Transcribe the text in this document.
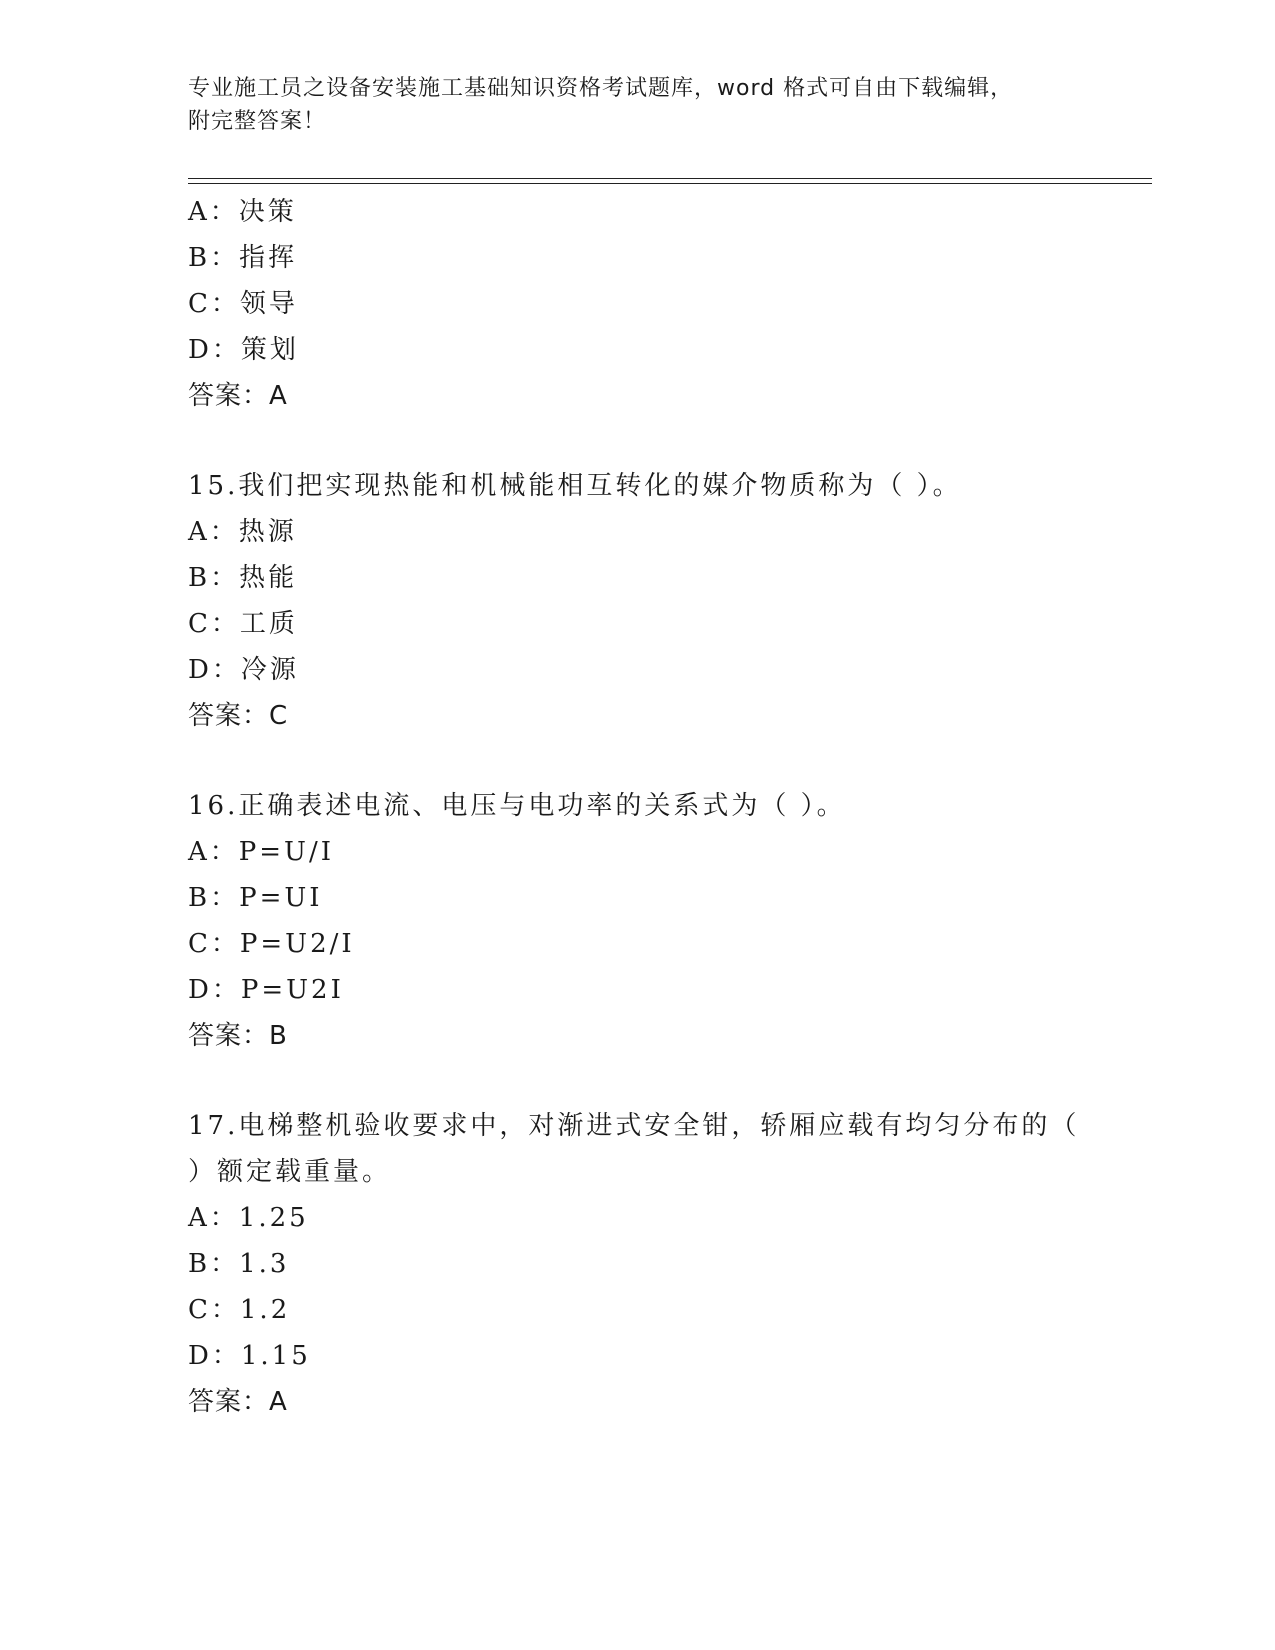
专业施工员之设备安装施工基础知识资格考试题库，word 格式可自由下载编辑，
附完整答案！
A：决策
B：指挥
C：领导
D：策划
答案：A
15.我们把实现热能和机械能相互转化的媒介物质称为（ ）。
A：热源
B：热能
C：工质
D：冷源
答案：C
16.正确表述电流、电压与电功率的关系式为（ ）。
A：P=U/I
B：P=UI
C：P=U2/I
D：P=U2I
答案：B
17.电梯整机验收要求中，对渐进式安全钳，轿厢应载有均匀分布的（
）额定载重量。
A：1.25
B：1.3
C：1.2
D：1.15
答案：A
